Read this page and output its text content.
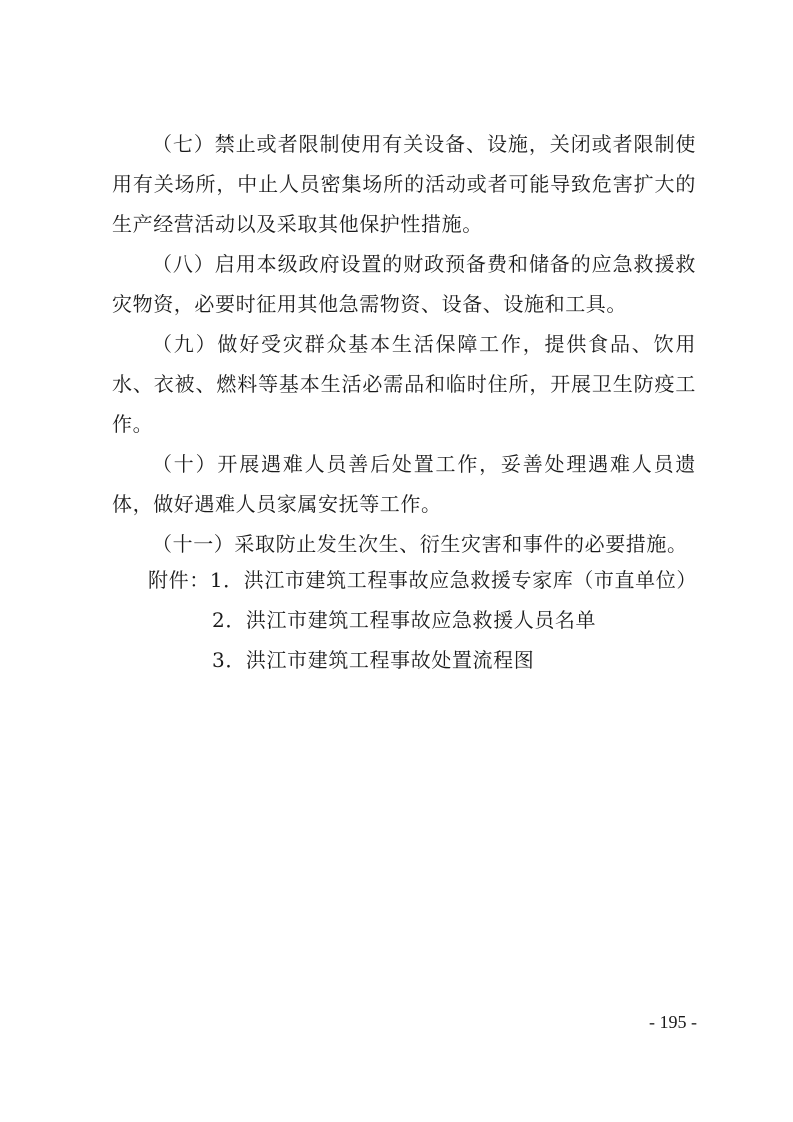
（七）禁止或者限制使用有关设备、设施，关闭或者限制使用有关场所，中止人员密集场所的活动或者可能导致危害扩大的生产经营活动以及采取其他保护性措施。

（八）启用本级政府设置的财政预备费和储备的应急救援救灾物资，必要时征用其他急需物资、设备、设施和工具。

（九）做好受灾群众基本生活保障工作，提供食品、饮用水、衣被、燃料等基本生活必需品和临时住所，开展卫生防疫工作。

（十）开展遇难人员善后处置工作，妥善处理遇难人员遗体，做好遇难人员家属安抚等工作。

（十一）采取防止发生次生、衍生灾害和事件的必要措施。

附件：1．洪江市建筑工程事故应急救援专家库（市直单位）
2．洪江市建筑工程事故应急救援人员名单
3．洪江市建筑工程事故处置流程图
- 195 -
